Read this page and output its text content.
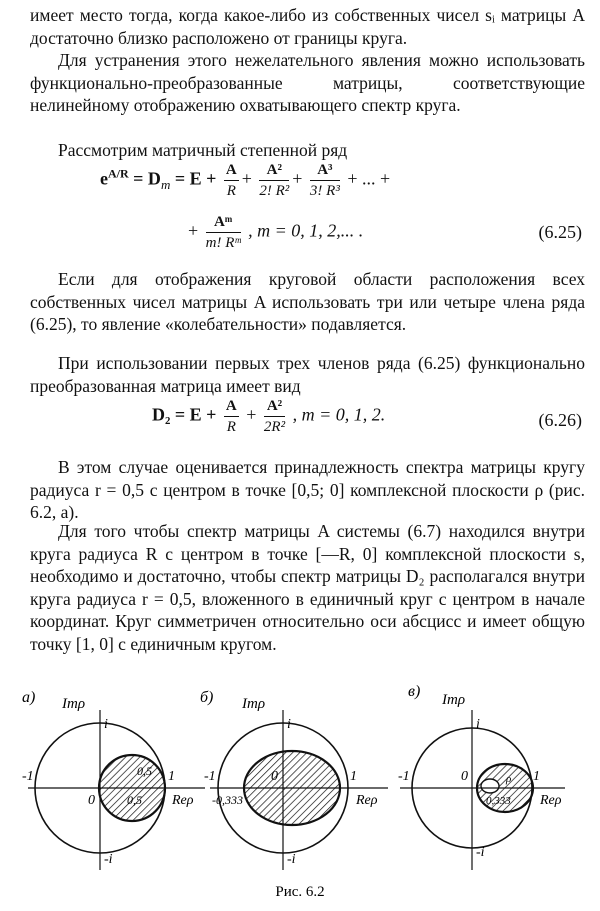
имеет место тогда, когда какое-либо из собственных чисел sᵢ матрицы A достаточно близко расположено от границы круга.
Для устранения этого нежелательного явления можно использовать функционально-преобразованные матрицы, соответствующие нелинейному отображению охватывающего спектр круга.
Рассмотрим матричный степенной ряд
$e^{A/R} = D_m = E + \frac{A}{R} + \frac{\text{A²}}{\text{2! R²}} + \frac{\text{A³}}{\text{3! R³}}$ + ... +
+ $\frac{\text{Aᵐ}}{\text{m! Rᵐ}}$ , m = 0, 1, 2,... .	(6.25)
Если для отображения круговой области расположения всех собственных чисел матрицы A использовать три или четыре члена ряда (6.25), то явление «колебательности» подавляется.
При использовании первых трех членов ряда (6.25) функционально преобразованная матрица имеет вид
$D_2 = E + \frac{A}{R} + \frac{\text{A²}}{\text{2R²}}$ , m = 0, 1, 2.	(6.26)
В этом случае оценивается принадлежность спектра матрицы кругу радиуса r = 0,5 с центром в точке [0,5; 0] комплексной плоскости ρ (рис. 6.2, а).
Для того чтобы спектр матрицы A системы (6.7) находился внутри круга радиуса R с центром в точке [—R, 0] комплексной плоскости s, необходимо и достаточно, чтобы спектр матрицы D₂ располагался внутри круга радиуса r = 0,5, вложенного в единичный круг с центром в начале координат. Круг симметричен относительно оси абсцисс и имеет общую точку [1, 0] с единичным кругом.
а) Imρ
i
-i
-1	1
0	Reρ
0,5
0,5
б) Imρ
i
-i
-1	1
0
Reρ
-0,333
в) Imρ
i
-i
-1	1
0
Reρ
ρ
0,333
Рис. 6.2
